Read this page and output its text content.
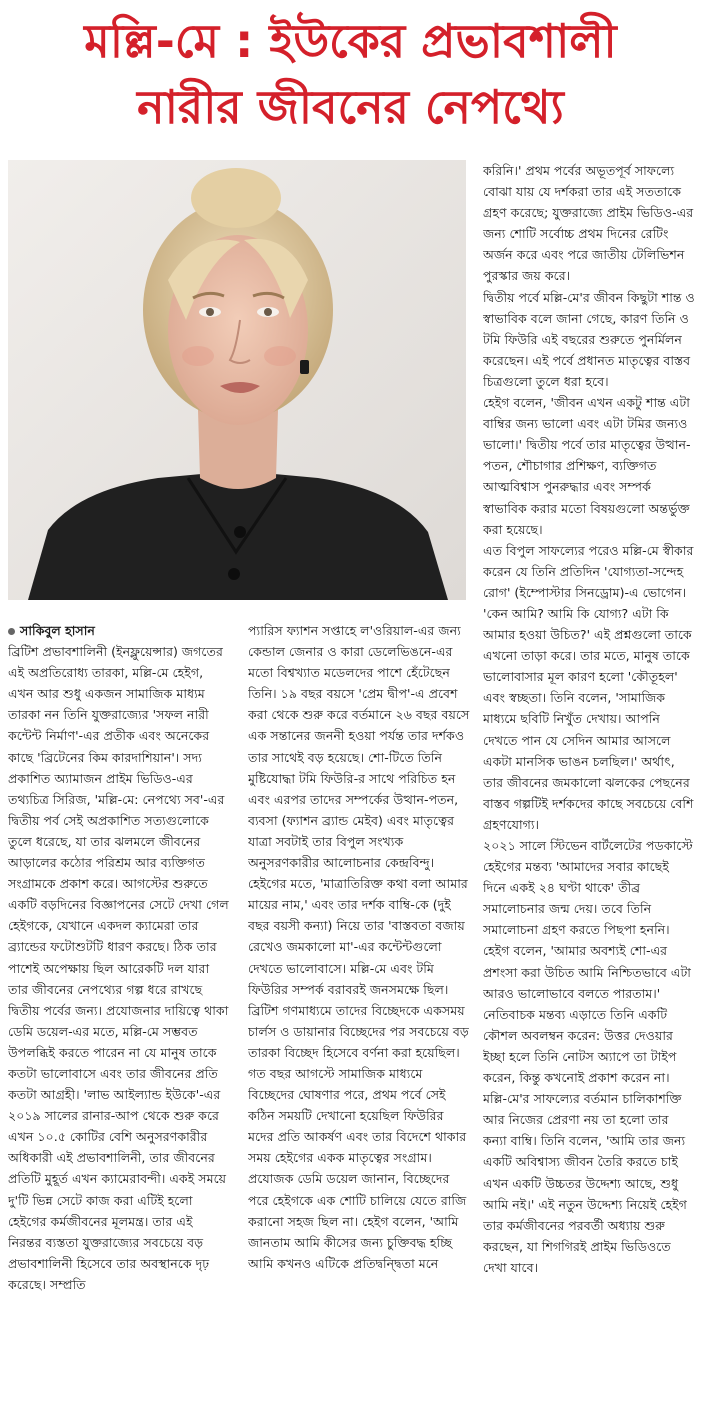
মল্লি-মে : ইউকের প্রভাবশালী
নারীর জীবনের নেপথ্যে
সাকিবুল হাসান

ব্রিটিশ প্রভাবশালিনী (ইনফ্লুয়েন্সার) জগতের এই অপ্রতিরোধ্য তারকা, মল্লি-মে হেইগ, এখন আর শুধু একজন সামাজিক মাধ্যম তারকা নন তিনি যুক্তরাজ্যের 'সফল নারী কন্টেন্ট নির্মাণ'-এর প্রতীক এবং অনেকের কাছে 'ব্রিটেনের কিম কারদাশিয়ান'। সদ্য প্রকাশিত অ্যামাজন প্রাইম ভিডিও-এর তথ্যচিত্র সিরিজ, 'মল্লি-মে: নেপথ্যে সব'-এর দ্বিতীয় পর্ব সেই অপ্রকাশিত সত্যগুলোকে তুলে ধরেছে, যা তার ঝলমলে জীবনের আড়ালের কঠোর পরিশ্রম আর ব্যক্তিগত সংগ্রামকে প্রকাশ করে। আগস্টের শুরুতে একটি বড়দিনের বিজ্ঞাপনের সেটে দেখা গেল হেইগকে, যেখানে একদল ক্যামেরা তার ব্র্যান্ডের ফটোশুটটি ধারণ করছে। ঠিক তার পাশেই অপেক্ষায় ছিল আরেকটি দল যারা তার জীবনের নেপথ্যের গল্প ধরে রাখছে দ্বিতীয় পর্বের জন্য। প্রযোজনার দায়িত্বে থাকা ডেমি ডয়েল-এর মতে, মল্লি-মে সম্ভবত উপলব্ধিই করতে পারেন না যে মানুষ তাকে কতটা ভালোবাসে এবং তার জীবনের প্রতি কতটা আগ্রহী। 'লাভ আইল্যান্ড ইউকে'-এর ২০১৯ সালের রানার-আপ থেকে শুরু করে এখন ১০.৫ কোটির বেশি অনুসরণকারীর অধিকারী এই প্রভাবশালিনী, তার জীবনের প্রতিটি মুহূর্ত এখন ক্যামেরাবন্দী। একই সময়ে দু'টি ভিন্ন সেটে কাজ করা এটিই হলো হেইগের কর্মজীবনের মূলমন্ত্র। তার এই নিরন্তর ব্যস্ততা যুক্তরাজ্যের সবচেয়ে বড় প্রভাবশালিনী হিসেবে তার অবস্থানকে দৃঢ় করেছে। সম্প্রতি

প্যারিস ফ্যাশন সপ্তাহে ল'ওরিয়াল-এর জন্য কেন্ডাল জেনার ও কারা ডেলেভিঙনে-এর মতো বিশ্বখ্যাত মডেলদের পাশে হেঁটেছেন তিনি। ১৯ বছর বয়সে 'প্রেম দ্বীপ'-এ প্রবেশ করা থেকে শুরু করে বর্তমানে ২৬ বছর বয়সে এক সন্তানের জননী হওয়া পর্যন্ত তার দর্শকও তার সাথেই বড় হয়েছে। শো-টিতে তিনি মুষ্টিযোদ্ধা টমি ফিউরি-র সাথে পরিচিত হন এবং এরপর তাদের সম্পর্কের উত্থান-পতন, ব্যবসা (ফ্যাশন ব্র্যান্ড মেইব) এবং মাতৃত্বের যাত্রা সবটাই তার বিপুল সংখ্যক অনুসরণকারীর আলোচনার কেন্দ্রবিন্দু। হেইগের মতে, 'মাত্রাতিরিক্ত কথা বলা আমার মায়ের নাম,' এবং তার দর্শক বাম্বি-কে (দুই বছর বয়সী কন্যা) নিয়ে তার 'বাস্তবতা বজায় রেখেও জমকালো মা'-এর কন্টেন্টগুলো দেখতে ভালোবাসে। মল্লি-মে এবং টমি ফিউরির সম্পর্ক বরাবরই জনসমক্ষে ছিল। ব্রিটিশ গণমাধ্যমে তাদের বিচ্ছেদকে একসময় চার্লস ও ডায়ানার বিচ্ছেদের পর সবচেয়ে বড় তারকা বিচ্ছেদ হিসেবে বর্ণনা করা হয়েছিল। গত বছর আগস্টে সামাজিক মাধ্যমে বিচ্ছেদের ঘোষণার পরে, প্রথম পর্বে সেই কঠিন সময়টি দেখানো হয়েছিল ফিউরির মদের প্রতি আকর্ষণ এবং তার বিদেশে থাকার সময় হেইগের একক মাতৃত্বের সংগ্রাম। প্রযোজক ডেমি ডয়েল জানান, বিচ্ছেদের পরে হেইগকে এক শোটি চালিয়ে যেতে রাজি করানো সহজ ছিল না। হেইগ বলেন, 'আমি জানতাম আমি কীসের জন্য চুক্তিবদ্ধ হচ্ছি আমি কখনও এটিকে প্রতিদ্বন্দ্বিতা মনে

করিনি।' প্রথম পর্বের অভূতপূর্ব সাফল্যে বোঝা যায় যে দর্শকরা তার এই সততাকে গ্রহণ করেছে; যুক্তরাজ্যে প্রাইম ভিডিও-এর জন্য শোটি সর্বোচ্চ প্রথম দিনের রেটিং অর্জন করে এবং পরে জাতীয় টেলিভিশন পুরস্কার জয় করে।

দ্বিতীয় পর্বে মল্লি-মে'র জীবন কিছুটা শান্ত ও স্বাভাবিক বলে জানা গেছে, কারণ তিনি ও টমি ফিউরি এই বছরের শুরুতে পুনর্মিলন করেছেন। এই পর্বে প্রধানত মাতৃত্বের বাস্তব চিত্রগুলো তুলে ধরা হবে।

হেইগ বলেন, 'জীবন এখন একটু শান্ত এটা বাম্বির জন্য ভালো এবং এটা টমির জন্যও ভালো।' দ্বিতীয় পর্বে তার মাতৃত্বের উত্থান-পতন, শৌচাগার প্রশিক্ষণ, ব্যক্তিগত আত্মবিশ্বাস পুনরুদ্ধার এবং সম্পর্ক স্বাভাবিক করার মতো বিষয়গুলো অন্তর্ভুক্ত করা হয়েছে।

এত বিপুল সাফল্যের পরেও মল্লি-মে স্বীকার করেন যে তিনি প্রতিদিন 'যোগ্যতা-সন্দেহ রোগ' (ইম্পোস্টার সিনড্রোম)-এ ভোগেন। 'কেন আমি? আমি কি যোগ্য? এটা কি আমার হওয়া উচিত?' এই প্রশ্নগুলো তাকে এখনো তাড়া করে। তার মতে, মানুষ তাকে ভালোবাসার মূল কারণ হলো 'কৌতূহল' এবং স্বচ্ছতা। তিনি বলেন, 'সামাজিক মাধ্যমে ছবিটি নিখুঁত দেখায়। আপনি দেখতে পান যে সেদিন আমার আসলে একটা মানসিক ভাঙন চলছিল।' অর্থাৎ, তার জীবনের জমকালো ঝলকের পেছনের বাস্তব গল্পটিই দর্শকদের কাছে সবচেয়ে বেশি গ্রহণযোগ্য।

২০২১ সালে স্টিভেন বার্টলেটের পডকাস্টে হেইগের মন্তব্য 'আমাদের সবার কাছেই দিনে একই ২৪ ঘণ্টা থাকে' তীব্র সমালোচনার জন্ম দেয়। তবে তিনি সমালোচনা গ্রহণ করতে পিছপা হননি। হেইগ বলেন, 'আমার অবশ্যই শো-এর প্রশংসা করা উচিত আমি নিশ্চিতভাবে এটা আরও ভালোভাবে বলতে পারতাম।' নেতিবাচক মন্তব্য এড়াতে তিনি একটি কৌশল অবলম্বন করেন: উত্তর দেওয়ার ইচ্ছা হলে তিনি নোটস অ্যাপে তা টাইপ করেন, কিন্তু কখনোই প্রকাশ করেন না।

মল্লি-মে'র সাফল্যের বর্তমান চালিকাশক্তি আর নিজের প্রেরণা নয় তা হলো তার কন্যা বাম্বি। তিনি বলেন, 'আমি তার জন্য একটি অবিশ্বাস্য জীবন তৈরি করতে চাই এখন একটি উচ্চতর উদ্দেশ্য আছে, শুধু আমি নই।' এই নতুন উদ্দেশ্য নিয়েই হেইগ তার কর্মজীবনের পরবর্তী অধ্যায় শুরু করছেন, যা শিগগিরই প্রাইম ভিডিওতে দেখা যাবে।
